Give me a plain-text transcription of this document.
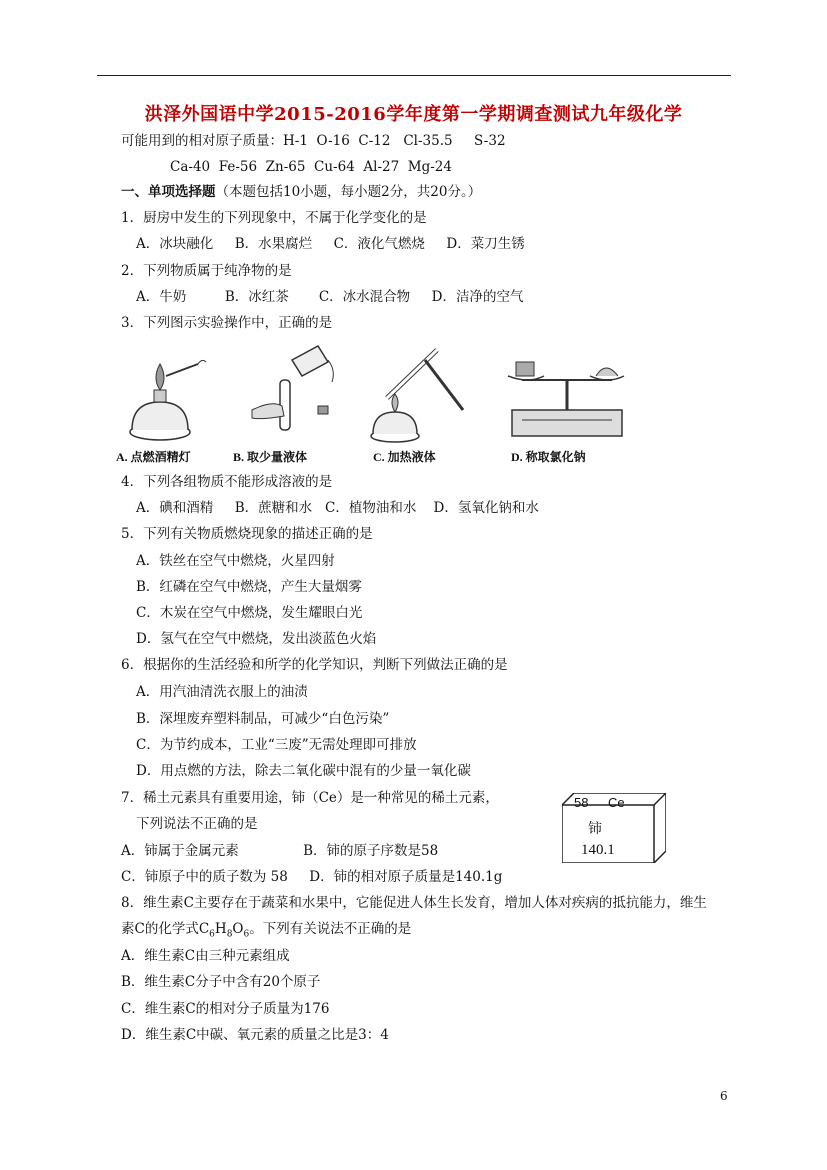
洪泽外国语中学2015-2016学年度第一学期调查测试九年级化学
可能用到的相对原子质量：H-1  O-16  C-12   Cl-35.5     S-32
Ca-40  Fe-56  Zn-65  Cu-64  Al-27  Mg-24
一、单项选择题（本题包括10小题，每小题2分，共20分。）
1．厨房中发生的下列现象中，不属于化学变化的是
A．冰块融化     B．水果腐烂     C．液化气燃烧     D．菜刀生锈
2．下列物质属于纯净物的是
A．牛奶         B．冰红茶       C．冰水混合物     D．洁净的空气
3．下列图示实验操作中，正确的是
A. 点燃酒精灯	B. 取少量液体	C. 加热液体	D. 称取氯化钠
4．下列各组物质不能形成溶液的是
A．碘和酒精     B．蔗糖和水   C．植物油和水    D．氢氧化钠和水
5．下列有关物质燃烧现象的描述正确的是
A．铁丝在空气中燃烧，火星四射
B．红磷在空气中燃烧，产生大量烟雾
C．木炭在空气中燃烧，发生耀眼白光
D．氢气在空气中燃烧，发出淡蓝色火焰
6．根据你的生活经验和所学的化学知识，判断下列做法正确的是
A．用汽油清洗衣服上的油渍
B．深埋废弃塑料制品，可减少“白色污染”
C．为节约成本，工业“三废”无需处理即可排放
D．用点燃的方法，除去二氧化碳中混有的少量一氧化碳
7．稀土元素具有重要用途，铈（Ce）是一种常见的稀土元素，
下列说法不正确的是
A．铈属于金属元素               B．铈的原子序数是58
C．铈原子中的质子数为 58     D．铈的相对原子质量是140.1g
58 Ce
铈
140.1
8．维生素C主要存在于蔬菜和水果中，它能促进人体生长发育，增加人体对疾病的抵抗能力，维生
素C的化学式$C_6H_8O_6$。下列有关说法不正确的是
A．维生素C由三种元素组成
B．维生素C分子中含有20个原子
C．维生素C的相对分子质量为176
D．维生素C中碳、氧元素的质量之比是3：4
6
